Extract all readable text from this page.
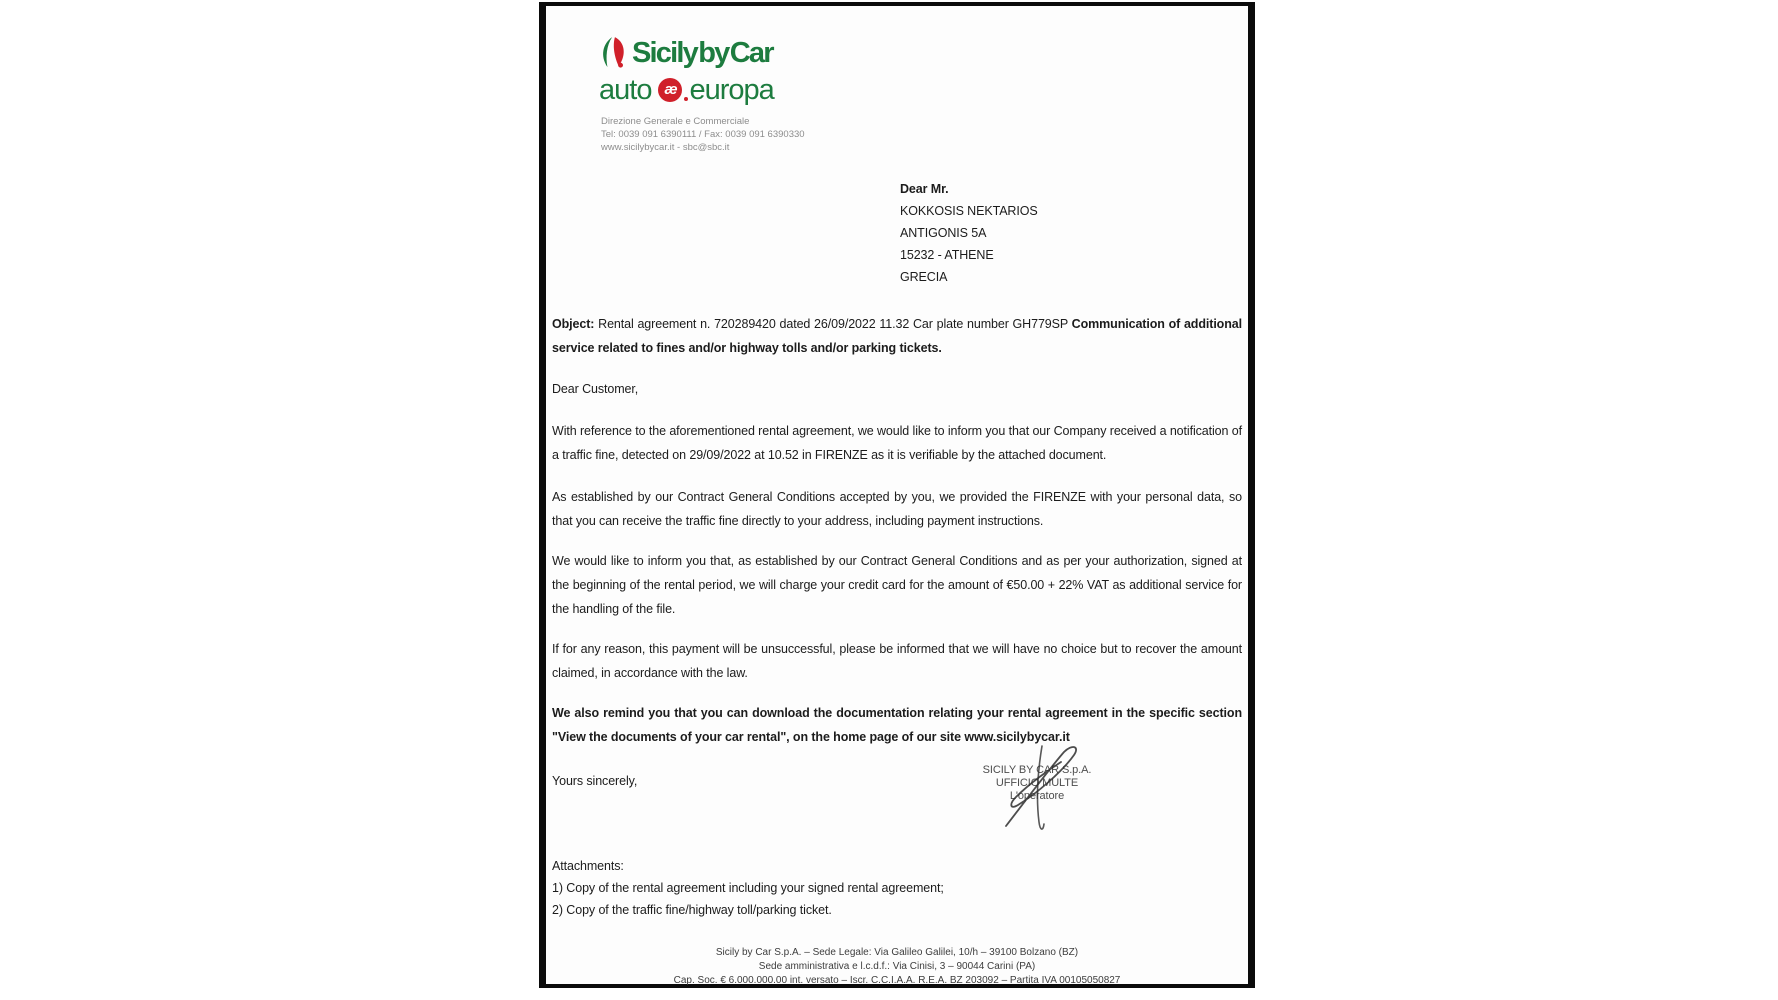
Sicily by Car
auto æ europa
Direzione Generale e Commerciale
Tel: 0039 091 6390111 / Fax: 0039 091 6390330
www.sicilybycar.it - sbc@sbc.it
Dear Mr.
KOKKOSIS NEKTARIOS
ANTIGONIS 5A
15232 - ATHENE
GRECIA
Object: Rental agreement n. 720289420 dated 26/09/2022 11.32 Car plate number GH779SP Communication of additional service related to fines and/or highway tolls and/or parking tickets.
Dear Customer,
With reference to the aforementioned rental agreement, we would like to inform you that our Company received a notification of a traffic fine, detected on 29/09/2022 at 10.52 in FIRENZE as it is verifiable by the attached document.
As established by our Contract General Conditions accepted by you, we provided the FIRENZE with your personal data, so that you can receive the traffic fine directly to your address, including payment instructions.
We would like to inform you that, as established by our Contract General Conditions and as per your authorization, signed at the beginning of the rental period, we will charge your credit card for the amount of €50.00 + 22% VAT as additional service for the handling of the file.
If for any reason, this payment will be unsuccessful, please be informed that we will have no choice but to recover the amount claimed, in accordance with the law.
We also remind you that you can download the documentation relating your rental agreement in the specific section "View the documents of your car rental", on the home page of our site www.sicilybycar.it
Yours sincerely,
SICILY BY CAR S.p.A.
UFFICIO MULTE
L'operatore
Attachments:
1) Copy of the rental agreement including your signed rental agreement;
2) Copy of the traffic fine/highway toll/parking ticket.
Sicily by Car S.p.A. – Sede Legale: Via Galileo Galilei, 10/h – 39100 Bolzano (BZ)
Sede amministrativa e l.c.d.f.: Via Cinisi, 3 – 90044 Carini (PA)
Cap. Soc. € 6.000.000.00 int. versato – Iscr. C.C.I.A.A. R.E.A. BZ 203092 – Partita IVA 00105050827
